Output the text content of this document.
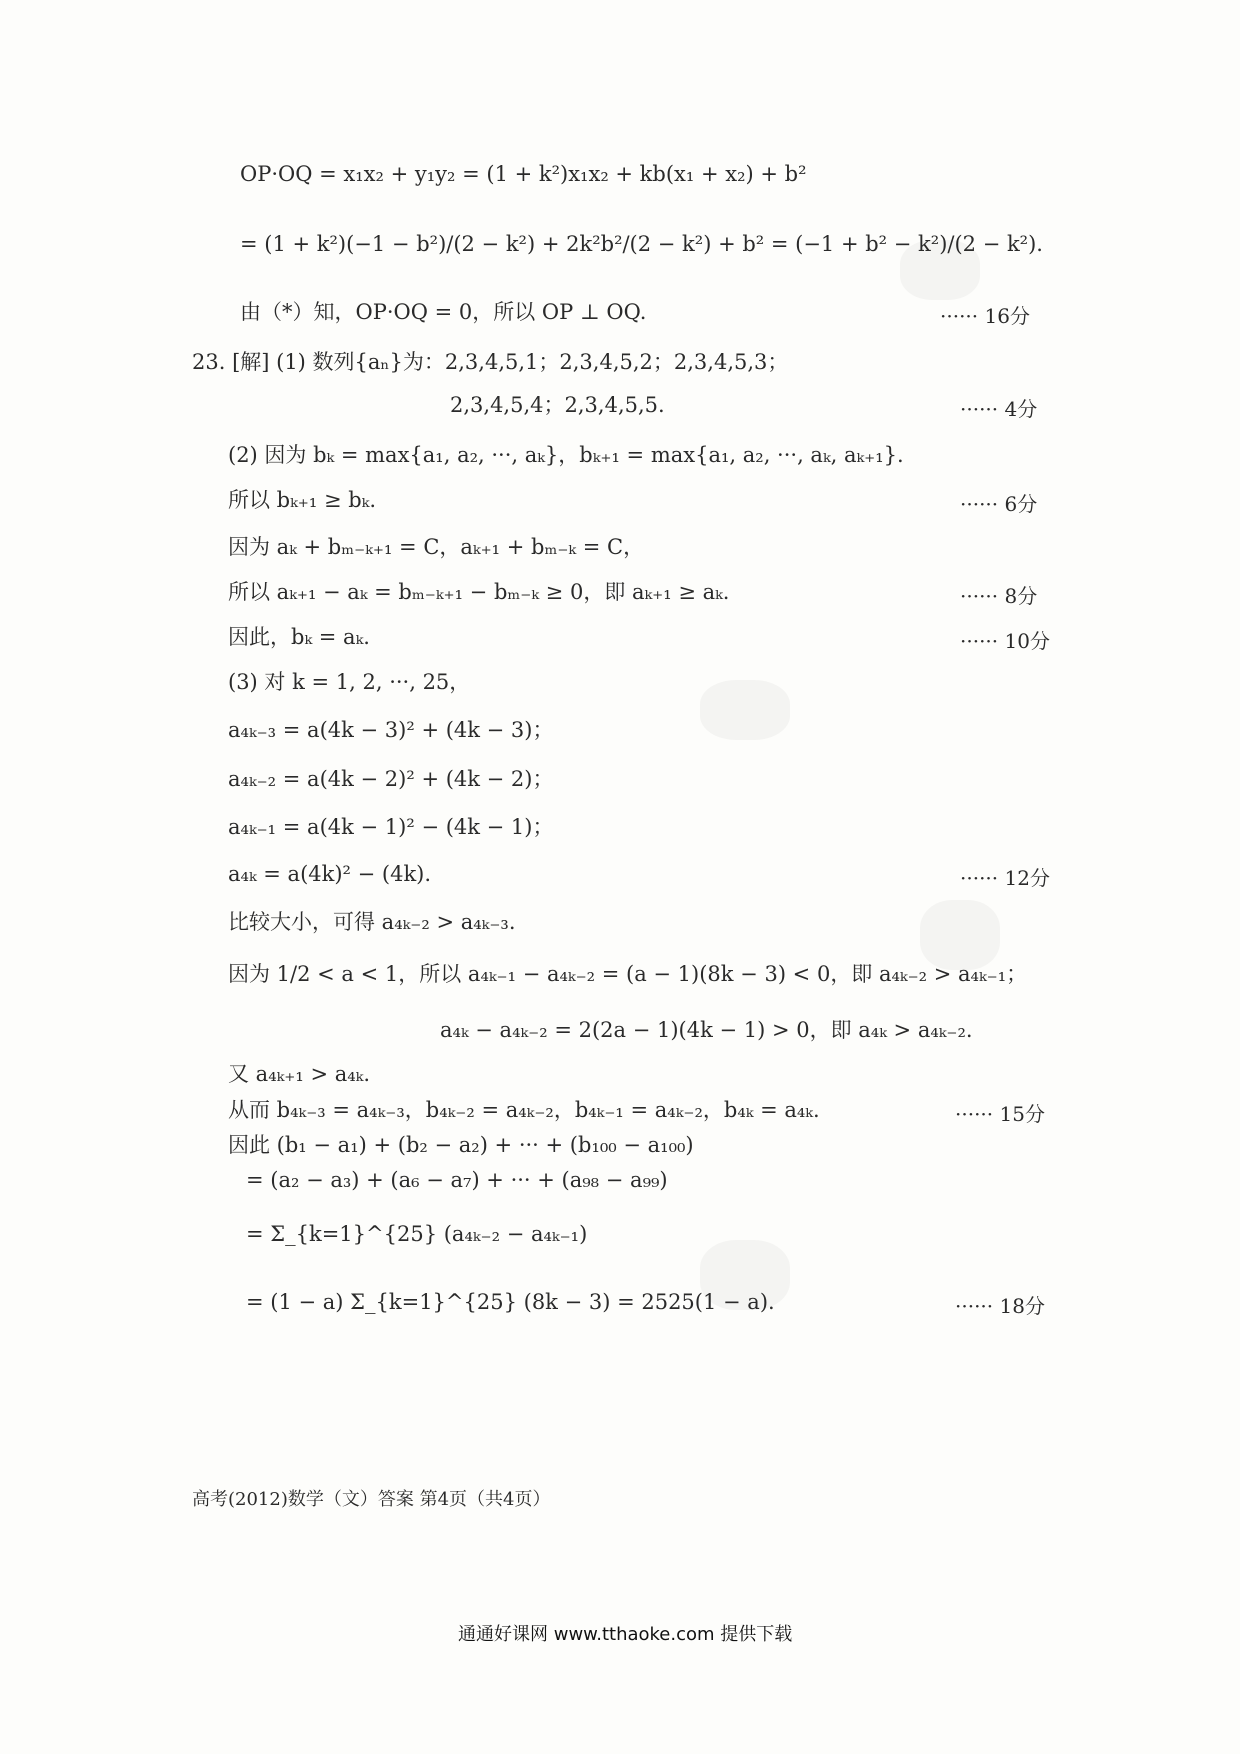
OP·OQ = x₁x₂ + y₁y₂ = (1 + k²)x₁x₂ + kb(x₁ + x₂) + b²
= (1 + k²)(−1 − b²)/(2 − k²) + 2k²b²/(2 − k²) + b² = (−1 + b² − k²)/(2 − k²).
由（*）知，OP·OQ = 0，所以 OP ⊥ OQ.	······ 16分
23. [解] (1) 数列{aₙ}为：2,3,4,5,1；2,3,4,5,2；2,3,4,5,3；
2,3,4,5,4；2,3,4,5,5.	······ 4分
(2) 因为 bₖ = max{a₁, a₂, ···, aₖ}，bₖ₊₁ = max{a₁, a₂, ···, aₖ, aₖ₊₁}.
所以 bₖ₊₁ ≥ bₖ.	······ 6分
因为 aₖ + bₘ₋ₖ₊₁ = C，aₖ₊₁ + bₘ₋ₖ = C，
所以 aₖ₊₁ − aₖ = bₘ₋ₖ₊₁ − bₘ₋ₖ ≥ 0，即 aₖ₊₁ ≥ aₖ.	······ 8分
因此，bₖ = aₖ.	······ 10分
(3) 对 k = 1, 2, ···, 25，
a₄ₖ₋₃ = a(4k − 3)² + (4k − 3)；
a₄ₖ₋₂ = a(4k − 2)² + (4k − 2)；
a₄ₖ₋₁ = a(4k − 1)² − (4k − 1)；
a₄ₖ = a(4k)² − (4k).	······ 12分
比较大小，可得 a₄ₖ₋₂ > a₄ₖ₋₃.
因为 1/2 < a < 1，所以 a₄ₖ₋₁ − a₄ₖ₋₂ = (a − 1)(8k − 3) < 0，即 a₄ₖ₋₂ > a₄ₖ₋₁；
a₄ₖ − a₄ₖ₋₂ = 2(2a − 1)(4k − 1) > 0，即 a₄ₖ > a₄ₖ₋₂.
又 a₄ₖ₊₁ > a₄ₖ.
从而 b₄ₖ₋₃ = a₄ₖ₋₃，b₄ₖ₋₂ = a₄ₖ₋₂，b₄ₖ₋₁ = a₄ₖ₋₂，b₄ₖ = a₄ₖ.	······ 15分
因此 (b₁ − a₁) + (b₂ − a₂) + ··· + (b₁₀₀ − a₁₀₀)
= (a₂ − a₃) + (a₆ − a₇) + ··· + (a₉₈ − a₉₉)
= Σ_{k=1}^{25} (a₄ₖ₋₂ − a₄ₖ₋₁)
= (1 − a) Σ_{k=1}^{25} (8k − 3) = 2525(1 − a).	······ 18分
高考(2012)数学（文）答案 第4页（共4页）
通通好课网 www.tthaoke.com 提供下载
